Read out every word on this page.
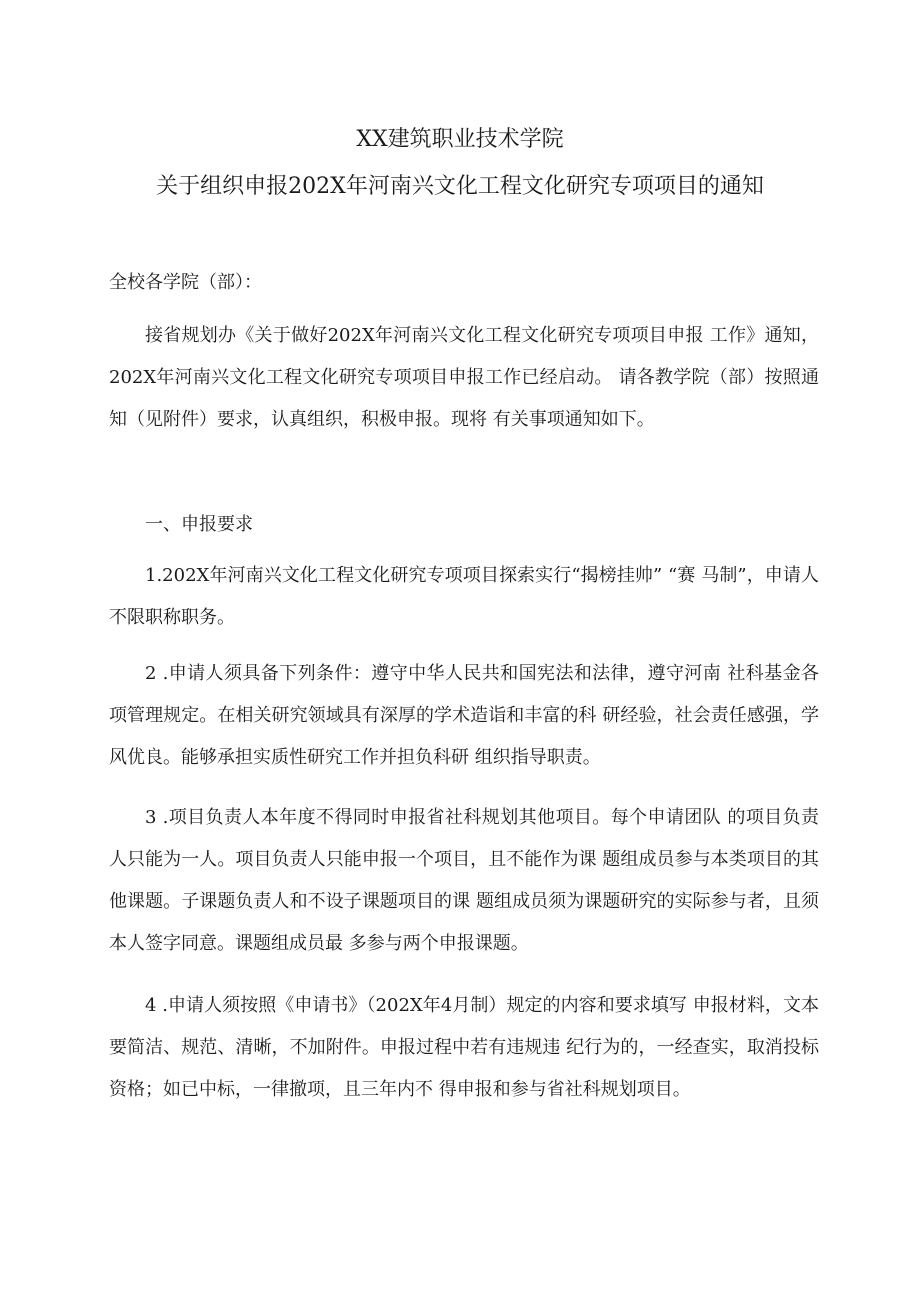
XX建筑职业技术学院
关于组织申报202X年河南兴文化工程文化研究专项项目的通知
全校各学院（部）：

接省规划办《关于做好202X年河南兴文化工程文化研究专项项目申报 工作》通知，202X年河南兴文化工程文化研究专项项目申报工作已经启动。 请各教学院（部）按照通知（见附件）要求，认真组织，积极申报。现将 有关事项通知如下。

一、申报要求

1.202X年河南兴文化工程文化研究专项项目探索实行“揭榜挂帅” “赛 马制”，申请人不限职称职务。

2 .申请人须具备下列条件：遵守中华人民共和国宪法和法律，遵守河南 社科基金各项管理规定。在相关研究领域具有深厚的学术造诣和丰富的科 研经验，社会责任感强，学风优良。能够承担实质性研究工作并担负科研 组织指导职责。

3 .项目负责人本年度不得同时申报省社科规划其他项目。每个申请团队 的项目负责人只能为一人。项目负责人只能申报一个项目，且不能作为课 题组成员参与本类项目的其他课题。子课题负责人和不设子课题项目的课 题组成员须为课题研究的实际参与者，且须本人签字同意。课题组成员最 多参与两个申报课题。

4 .申请人须按照《申请书》（202X年4月制）规定的内容和要求填写 申报材料，文本要简洁、规范、清晰，不加附件。申报过程中若有违规违 纪行为的，一经查实，取消投标资格；如已中标，一律撤项，且三年内不 得申报和参与省社科规划项目。
